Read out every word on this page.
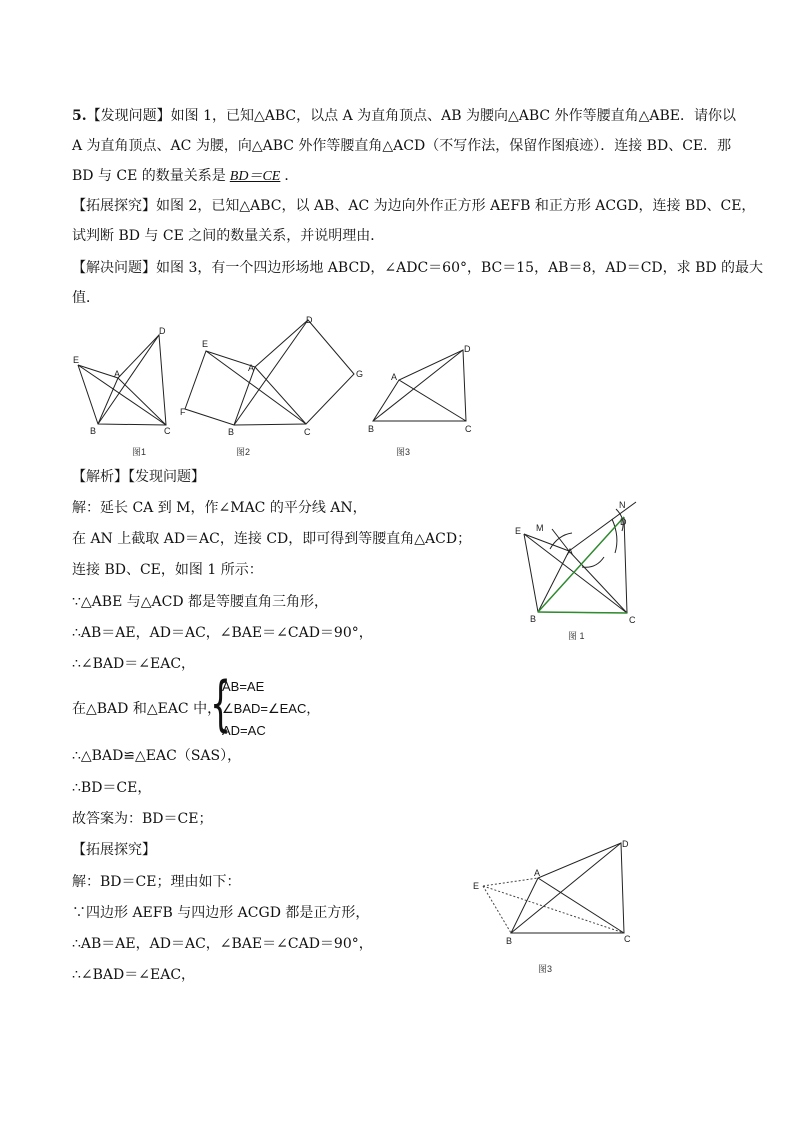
5.【发现问题】如图 1，已知△ABC，以点 A 为直角顶点、AB 为腰向△ABC 外作等腰直角△ABE．请你以
A 为直角顶点、AC 为腰，向△ABC 外作等腰直角△ACD（不写作法，保留作图痕迹）．连接 BD、CE．那
BD 与 CE 的数量关系是 BD＝CE ．
【拓展探究】如图 2，已知△ABC，以 AB、AC 为边向外作正方形 AEFB 和正方形 ACGD，连接 BD、CE，
试判断 BD 与 CE 之间的数量关系，并说明理由．
【解决问题】如图 3，有一个四边形场地 ABCD，∠ADC＝60°，BC＝15，AB＝8，AD＝CD，求 BD 的最大
值．
E
A
B	C
D
图1
E
A
F
B	C
D
G
图2
A
B	C
D
图3
【解析】【发现问题】
解：延长 CA 到 M，作∠MAC 的平分线 AN，
在 AN 上截取 AD＝AC，连接 CD，即可得到等腰直角△ACD；
连接 BD、CE，如图 1 所示：
∵△ABE 与△ACD 都是等腰直角三角形，
∴AB＝AE，AD＝AC，∠BAE＝∠CAD＝90°，
∴∠BAD＝∠EAC，
在△BAD 和△EAC 中，
{
AB=AE
∠BAD=∠EAC，
AD=AC
∴△BAD≌△EAC（SAS），
∴BD＝CE，
故答案为：BD＝CE；
【拓展探究】
解：BD＝CE；理由如下：
∵四边形 AEFB 与四边形 ACGD 都是正方形，
∴AB＝AE，AD＝AC，∠BAE＝∠CAD＝90°，
∴∠BAD＝∠EAC，
E M
A
D
N
B	C
图 1
E
A
B	C
D
图3
